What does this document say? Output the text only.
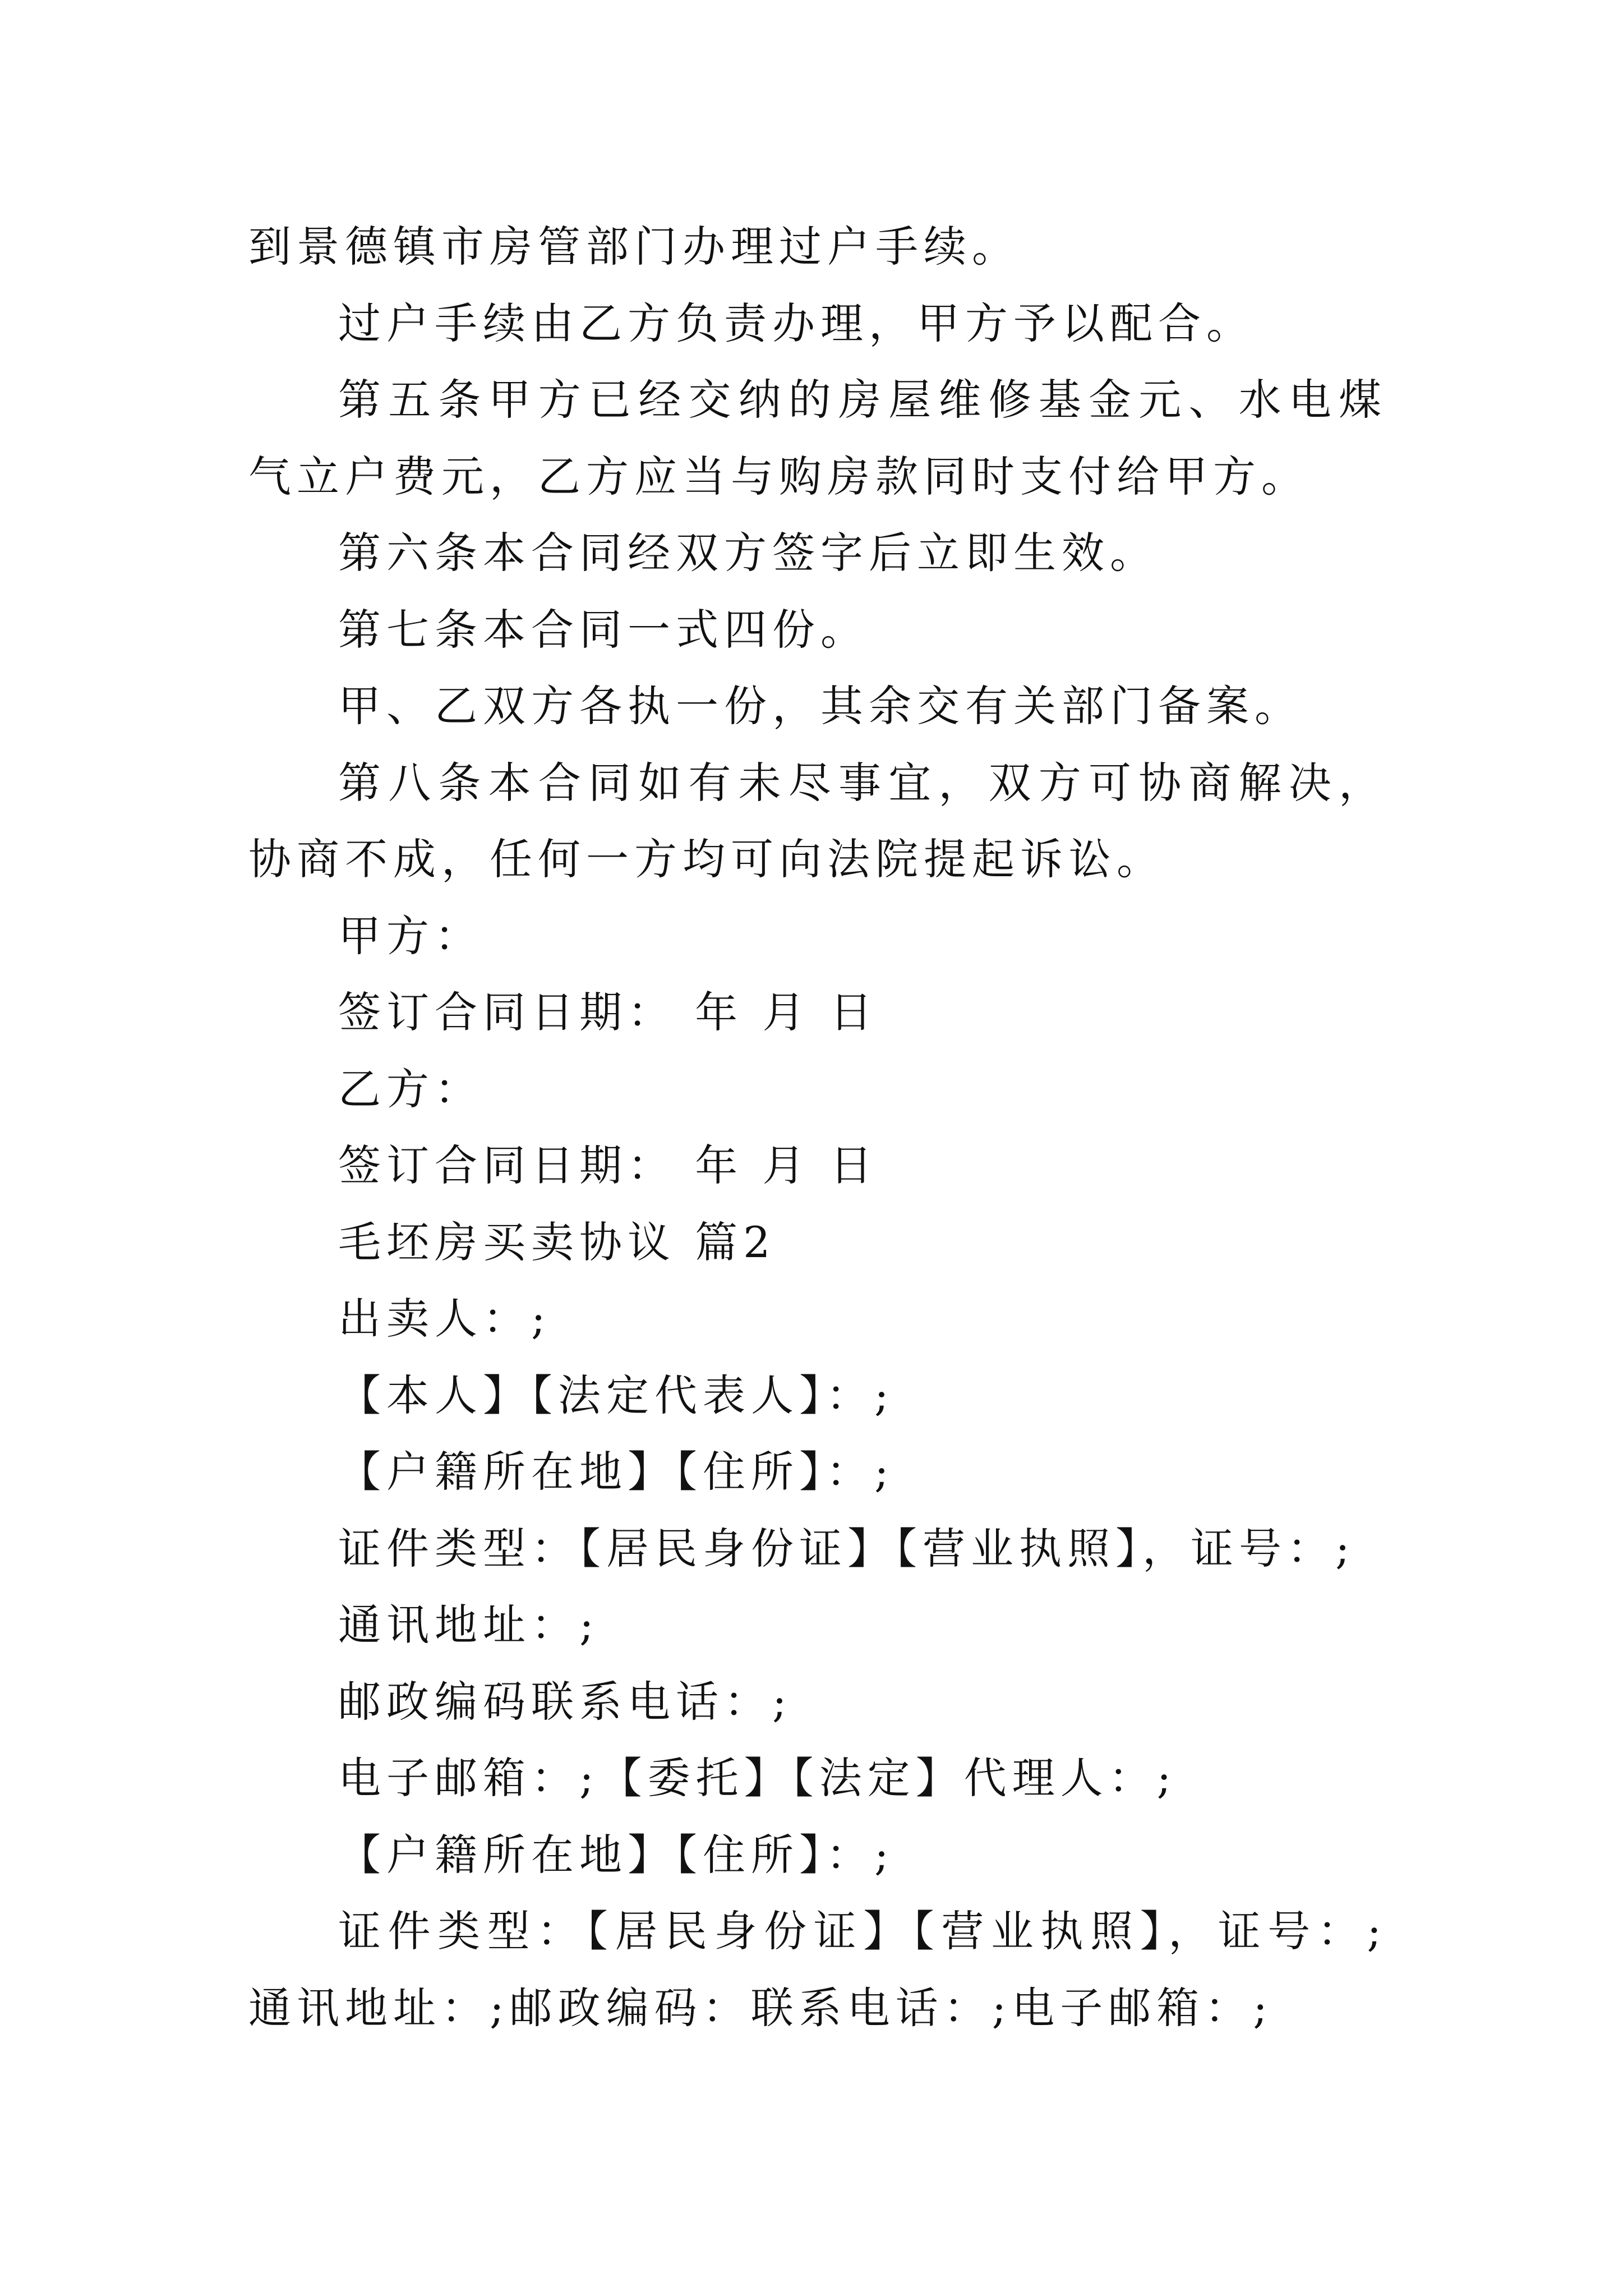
到景德镇市房管部门办理过户手续。

过户手续由乙方负责办理，甲方予以配合。

第五条甲方已经交纳的房屋维修基金元、水电煤气立户费元，乙方应当与购房款同时支付给甲方。

第六条本合同经双方签字后立即生效。

第七条本合同一式四份。

甲、乙双方各执一份，其余交有关部门备案。

第八条本合同如有未尽事宜，双方可协商解决，协商不成，任何一方均可向法院提起诉讼。

甲方：

签订合同日期： 年 月 日

乙方：

签订合同日期： 年 月 日

毛坯房买卖协议 篇2

出卖人：;

【本人】【法定代表人】：;

【户籍所在地】【住所】：;

证件类型：【居民身份证】【营业执照】，证号：;

通讯地址：;

邮政编码联系电话：;

电子邮箱：;【委托】【法定】代理人：;

【户籍所在地】【住所】：;

证件类型：【居民身份证】【营业执照】，证号：;通讯地址：;邮政编码：联系电话：;电子邮箱：;
